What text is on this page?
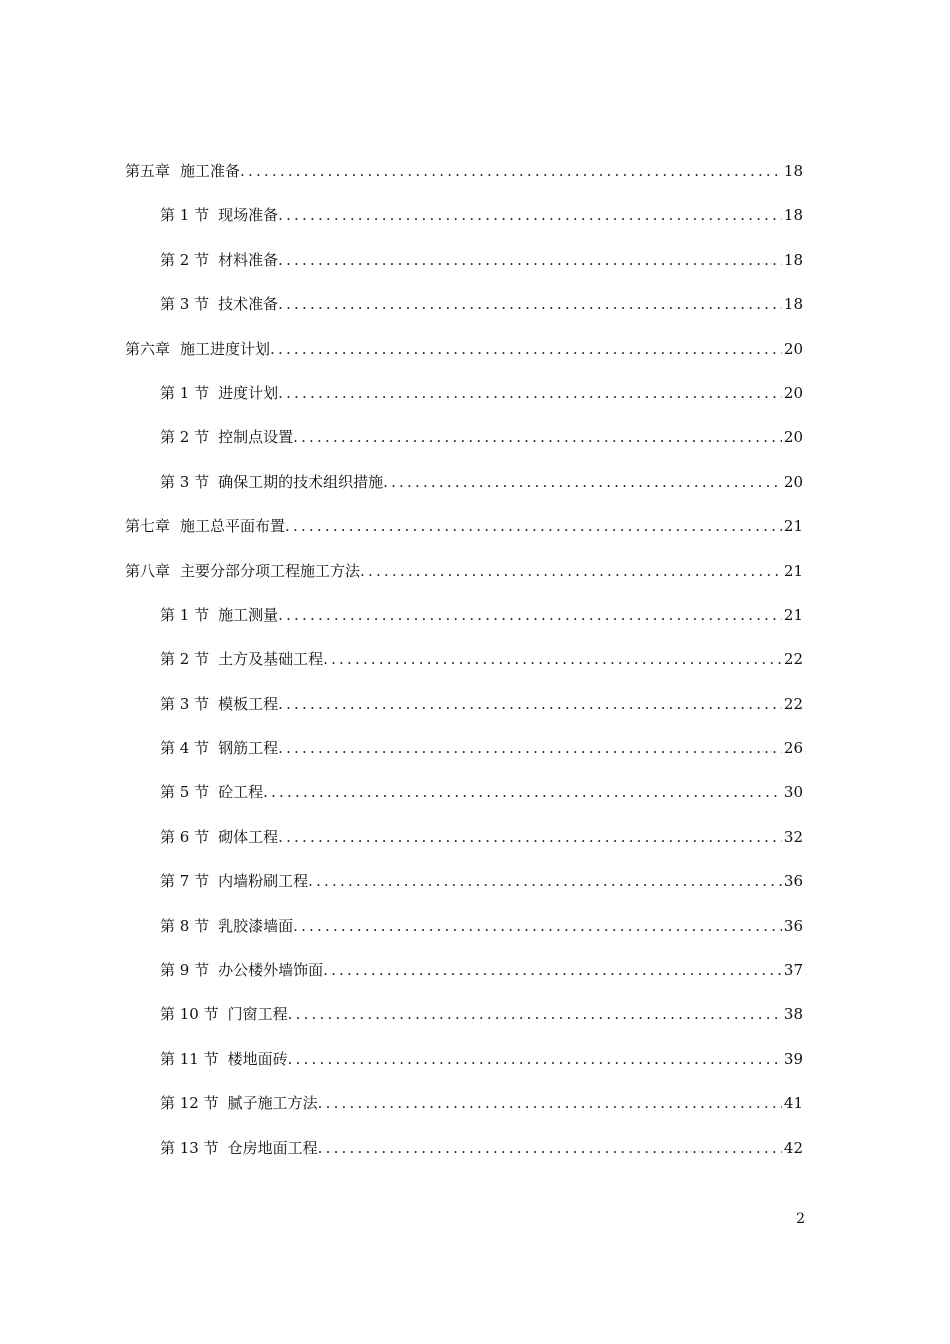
第五章 施工准备 .....	18
第 1 节 现场准备 .....	18
第 2 节 材料准备 .....	18
第 3 节 技术准备 .....	18
第六章 施工进度计划 .....	20
第 1 节 进度计划 .....	20
第 2 节 控制点设置 .....	20
第 3 节 确保工期的技术组织措施 .....	20
第七章 施工总平面布置 .....	21
第八章 主要分部分项工程施工方法 .....	21
第 1 节 施工测量 .....	21
第 2 节 土方及基础工程 .....	22
第 3 节 模板工程 .....	22
第 4 节 钢筋工程 .....	26
第 5 节 砼工程 .....	30
第 6 节 砌体工程 .....	32
第 7 节 内墙粉刷工程 .....	36
第 8 节 乳胶漆墙面 .....	36
第 9 节 办公楼外墙饰面 .....	37
第 10 节 门窗工程 .....	38
第 11 节 楼地面砖 .....	39
第 12 节 腻子施工方法 .....	41
第 13 节 仓房地面工程 .....	42
2
